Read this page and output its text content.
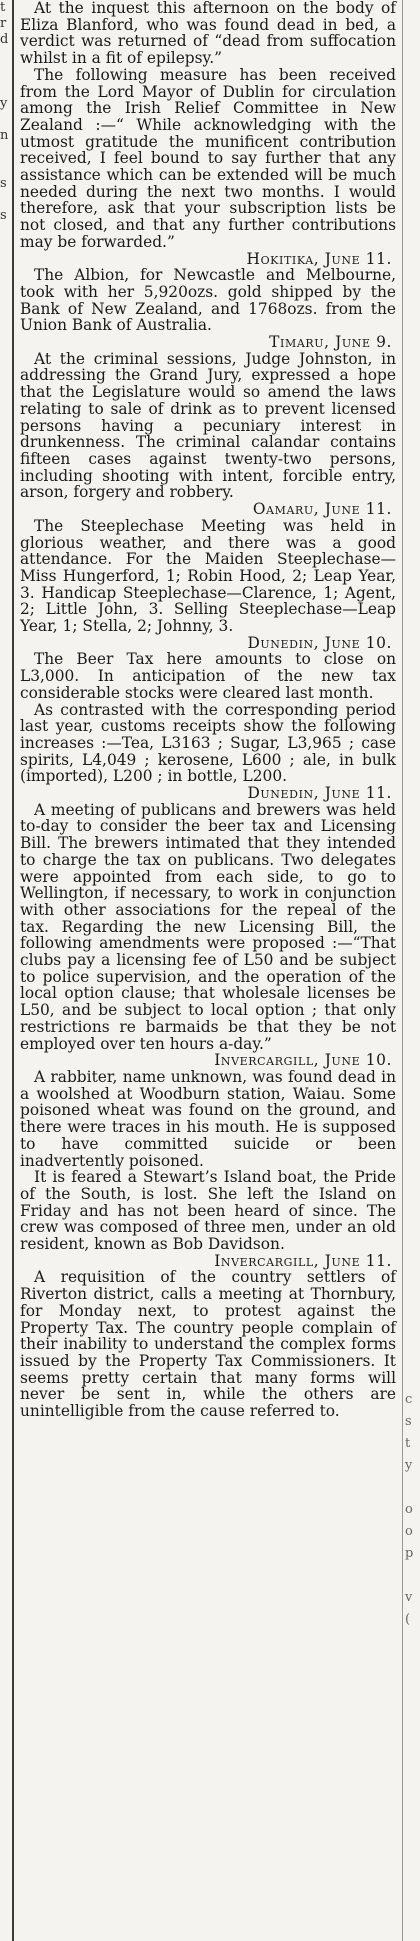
t
r
d
y
n
s
s

At the inquest this afternoon on the body of Eliza Blanford, who was found dead in bed, a verdict was returned of “dead from suffocation whilst in a fit of epilepsy.”

The following measure has been received from the Lord Mayor of Dublin for circulation among the Irish Relief Committee in New Zealand :—“ While acknowledging with the utmost gratitude the munificent contribution received, I feel bound to say further that any assistance which can be extended will be much needed during the next two months. I would therefore, ask that your subscription lists be not closed, and that any further contributions may be forwarded.”

Hokitika, June 11.

The Albion, for Newcastle and Melbourne, took with her 5,920ozs. gold shipped by the Bank of New Zealand, and 1768ozs. from the Union Bank of Australia.

Timaru, June 9.

At the criminal sessions, Judge Johnston, in addressing the Grand Jury, expressed a hope that the Legislature would so amend the laws relating to sale of drink as to prevent licensed persons having a pecuniary interest in drunkenness. The criminal calandar contains fifteen cases against twenty-two persons, including shooting with intent, forcible entry, arson, forgery and robbery.

Oamaru, June 11.

The Steeplechase Meeting was held in glorious weather, and there was a good attendance. For the Maiden Steeplechase—Miss Hungerford, 1; Robin Hood, 2; Leap Year, 3. Handicap Steeplechase—Clarence, 1; Agent, 2; Little John, 3. Selling Steeplechase—Leap Year, 1; Stella, 2; Johnny, 3.

Dunedin, June 10.

The Beer Tax here amounts to close on L3,000. In anticipation of the new tax considerable stocks were cleared last month.

As contrasted with the corresponding period last year, customs receipts show the following increases :—Tea, L3163 ; Sugar, L3,965 ; case spirits, L4,049 ; kerosene, L600 ; ale, in bulk (imported), L200 ; in bottle, L200.

Dunedin, June 11.

A meeting of publicans and brewers was held to-day to consider the beer tax and Licensing Bill. The brewers intimated that they intended to charge the tax on publicans. Two delegates were appointed from each side, to go to Wellington, if necessary, to work in conjunction with other associations for the repeal of the tax. Regarding the new Licensing Bill, the following amendments were proposed :—“That clubs pay a licensing fee of L50 and be subject to police supervision, and the operation of the local option clause; that wholesale licenses be L50, and be subject to local option ; that only restrictions re barmaids be that they be not employed over ten hours a-day.”

Invercargill, June 10.

A rabbiter, name unknown, was found dead in a woolshed at Woodburn station, Waiau. Some poisoned wheat was found on the ground, and there were traces in his mouth. He is supposed to have committed suicide or been inadvertently poisoned.

It is feared a Stewart’s Island boat, the Pride of the South, is lost. She left the Island on Friday and has not been heard of since. The crew was composed of three men, under an old resident, known as Bob Davidson.

Invercargill, June 11.

A requisition of the country settlers of Riverton district, calls a meeting at Thornbury, for Monday next, to protest against the Property Tax. The country people complain of their inability to understand the complex forms issued by the Property Tax Commissioners. It seems pretty certain that many forms will never be sent in, while the others are unintelligible from the cause referred to.

c
s
t
y
o
o
p
v
(
